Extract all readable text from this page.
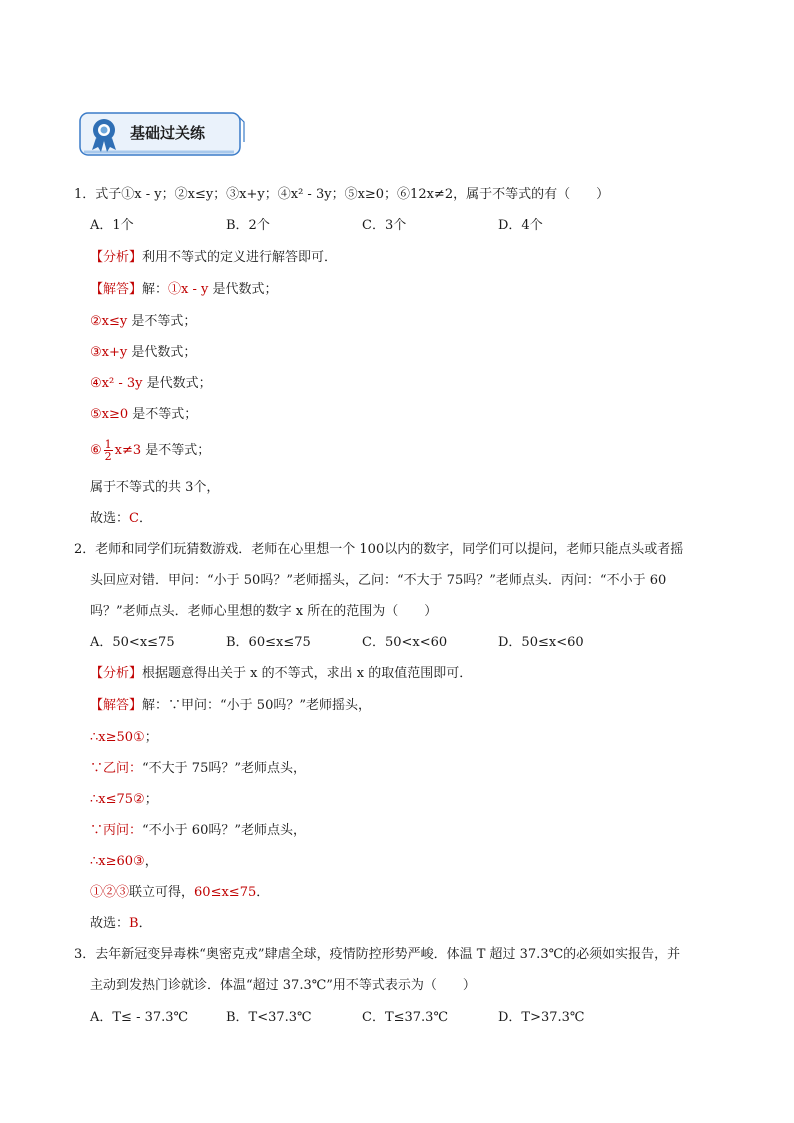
基础过关练
1．式子①x - y；②x≤y；③x+y；④x² - 3y；⑤x≥0；⑥12x≠2，属于不等式的有（　　）
A．1个	B．2个	C．3个	D．4个
【分析】利用不等式的定义进行解答即可．
【解答】解：①x - y 是代数式；
②x≤y 是不等式；
③x+y 是代数式；
④x² - 3y 是代数式；
⑤x≥0 是不等式；
⑥ $\frac{1}{2} x\ne 3$ 是不等式；
属于不等式的共 3个，
故选：C．
2．老师和同学们玩猜数游戏．老师在心里想一个 100以内的数字，同学们可以提问，老师只能点头或者摇
头回应对错．甲问：“小于 50吗？”老师摇头，乙问：“不大于 75吗？”老师点头．丙问：“不小于 60
吗？”老师点头．老师心里想的数字 x 所在的范围为（　　）
A．50<x≤75	B．60≤x≤75	C．50<x<60	D．50≤x<60
【分析】根据题意得出关于 x 的不等式，求出 x 的取值范围即可．
【解答】解：∵甲问：“小于 50吗？”老师摇头，
∴x≥50①；
∵乙问：“不大于 75吗？”老师点头，
∴x≤75②；
∵丙问：“不小于 60吗？”老师点头，
∴x≥60③，
①②③联立可得，60≤x≤75．
故选：B．
3．去年新冠变异毒株“奥密克戎”肆虐全球，疫情防控形势严峻．体温 T 超过 37.3℃的必须如实报告，并
主动到发热门诊就诊．体温“超过 37.3℃”用不等式表示为（　　）
A．T≤ - 37.3℃	B．T<37.3℃	C．T≤37.3℃	D．T>37.3℃
